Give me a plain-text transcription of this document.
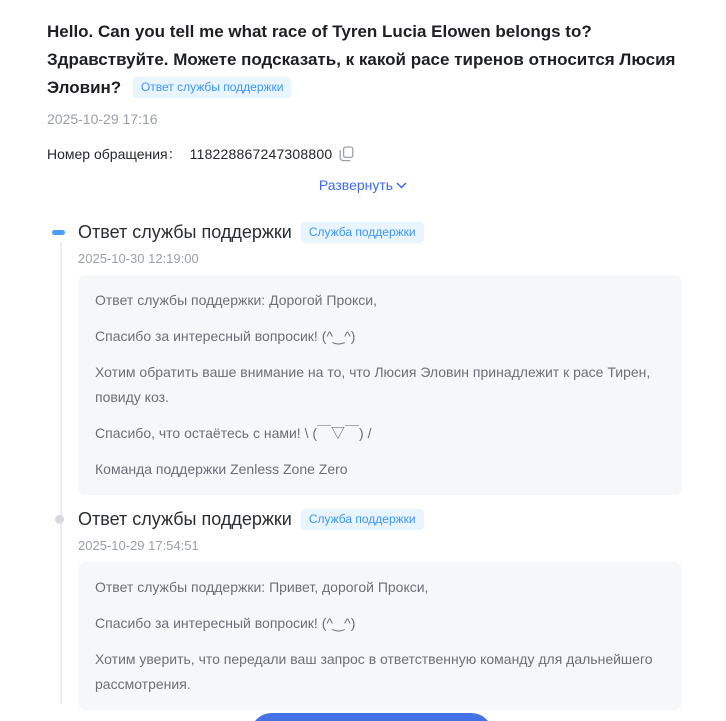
Hello. Can you tell me what race of Tyren Lucia Elowen belongs to? Здравствуйте. Можете подсказать, к какой расе тиренов относится Люсия Эловин? Ответ службы поддержки
2025-10-29 17:16
Номер обращения： 118228867247308800
Развернуть
Ответ службы поддержки	Служба поддержки
2025-10-30 12:19:00

Ответ службы поддержки: Дорогой Прокси,

Спасибо за интересный вопросик! (^‿^)

Хотим обратить ваше внимание на то, что Люсия Эловин принадлежит к расе Тирен, повиду коз.

Спасибо, что остаётесь с нами! \ (￣▽￣) /

Команда поддержки Zenless Zone Zero

Ответ службы поддержки	Служба поддержки
2025-10-29 17:54:51

Ответ службы поддержки: Привет, дорогой Прокси,

Спасибо за интересный вопросик! (^‿^)

Хотим уверить, что передали ваш запрос в ответственную команду для дальнейшего рассмотрения.
